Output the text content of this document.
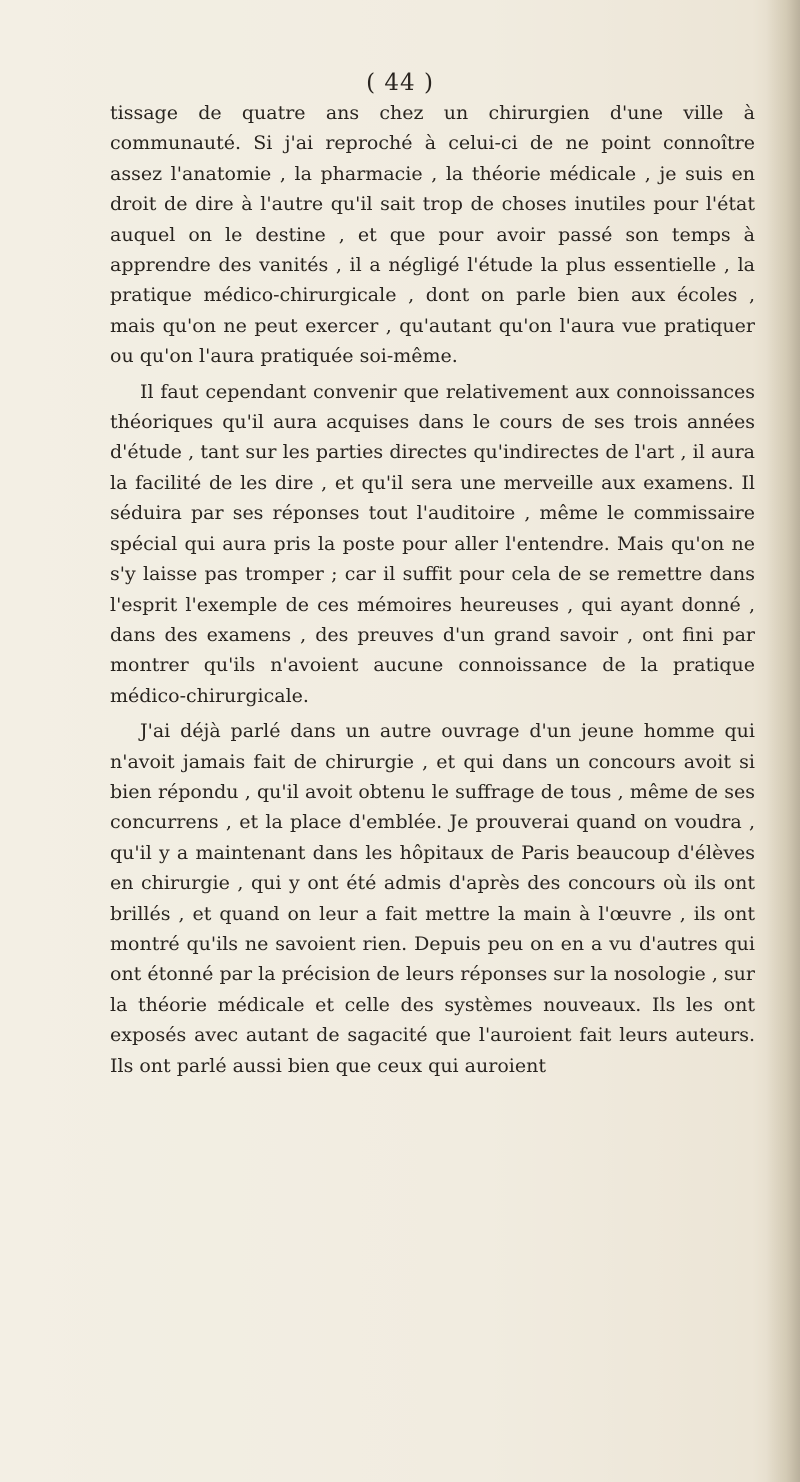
( 44 )

tissage de quatre ans chez un chirurgien d'une ville à communauté. Si j'ai reproché à celui-ci de ne point connoître assez l'anatomie , la pharmacie , la théorie médicale , je suis en droit de dire à l'autre qu'il sait trop de choses inutiles pour l'état auquel on le destine , et que pour avoir passé son temps à apprendre des vanités , il a négligé l'étude la plus essentielle , la pratique médico-chirurgicale , dont on parle bien aux écoles , mais qu'on ne peut exercer , qu'autant qu'on l'aura vue pratiquer ou qu'on l'aura pratiquée soi-même.

Il faut cependant convenir que relativement aux connoissances théoriques qu'il aura acquises dans le cours de ses trois années d'étude , tant sur les parties directes qu'indirectes de l'art , il aura la facilité de les dire , et qu'il sera une merveille aux examens. Il séduira par ses réponses tout l'auditoire , même le commissaire spécial qui aura pris la poste pour aller l'entendre. Mais qu'on ne s'y laisse pas tromper ; car il suffit pour cela de se remettre dans l'esprit l'exemple de ces mémoires heureuses , qui ayant donné , dans des examens , des preuves d'un grand savoir , ont fini par montrer qu'ils n'avoient aucune connoissance de la pratique médico-chirurgicale.

J'ai déjà parlé dans un autre ouvrage d'un jeune homme qui n'avoit jamais fait de chirurgie , et qui dans un concours avoit si bien répondu , qu'il avoit obtenu le suffrage de tous , même de ses concurrens , et la place d'emblée. Je prouverai quand on voudra , qu'il y a maintenant dans les hôpitaux de Paris beaucoup d'élèves en chirurgie , qui y ont été admis d'après des concours où ils ont brillés , et quand on leur a fait mettre la main à l'œuvre , ils ont montré qu'ils ne savoient rien. Depuis peu on en a vu d'autres qui ont étonné par la précision de leurs réponses sur la nosologie , sur la théorie médicale et celle des systèmes nouveaux. Ils les ont exposés avec autant de sagacité que l'auroient fait leurs auteurs. Ils ont parlé aussi bien que ceux qui auroient
